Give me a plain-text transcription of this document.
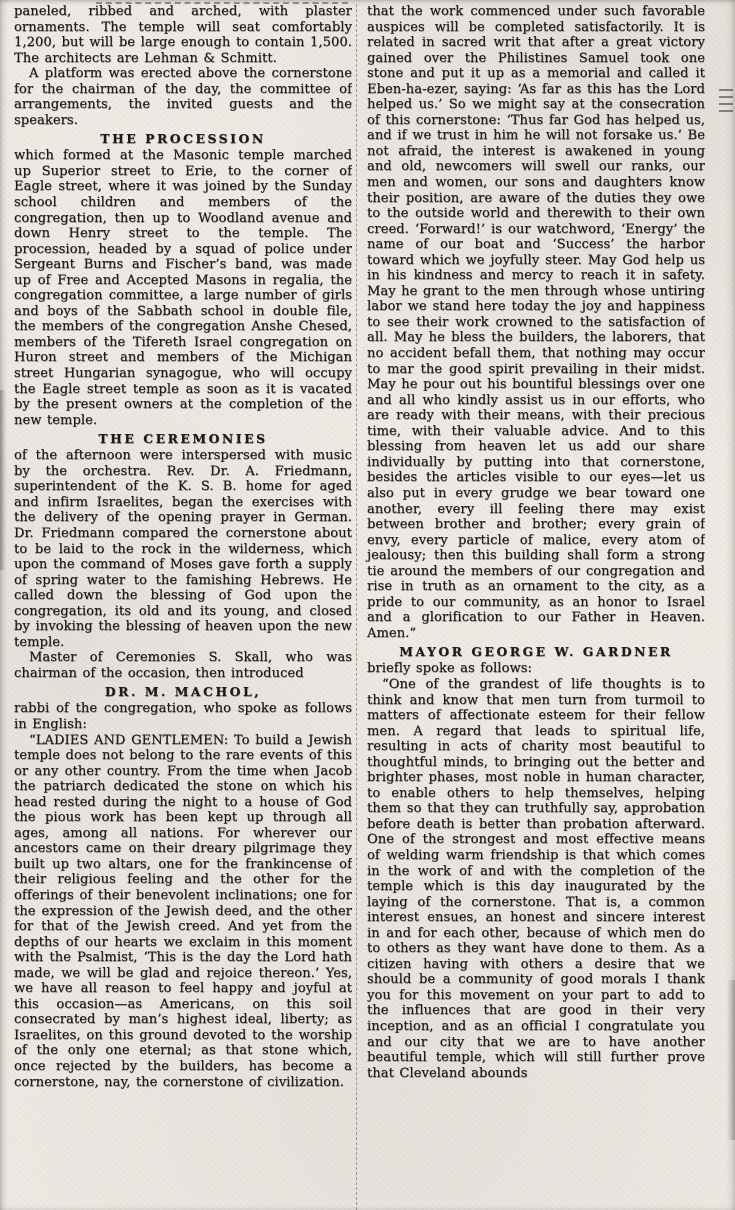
paneled, ribbed and arched, with plaster ornaments. The temple will seat comfortably 1,200, but will be large enough to contain 1,500. The architects are Lehman & Schmitt.

A platform was erected above the cornerstone for the chairman of the day, the committee of arrangements, the invited guests and the speakers.

THE PROCESSION

which formed at the Masonic temple marched up Superior street to Erie, to the corner of Eagle street, where it was joined by the Sunday school children and members of the congregation, then up to Woodland avenue and down Henry street to the temple. The procession, headed by a squad of police under Sergeant Burns and Fischer’s band, was made up of Free and Accepted Masons in regalia, the congregation committee, a large number of girls and boys of the Sabbath school in double file, the members of the congregation Anshe Chesed, members of the Tifereth Israel congregation on Huron street and members of the Michigan street Hungarian synagogue, who will occupy the Eagle street temple as soon as it is vacated by the present owners at the completion of the new temple.

THE CEREMONIES

of the afternoon were interspersed with music by the orchestra. Rev. Dr. A. Friedmann, superintendent of the K. S. B. home for aged and infirm Israelites, began the exercises with the delivery of the opening prayer in German. Dr. Friedmann compared the cornerstone about to be laid to the rock in the wilderness, which upon the command of Moses gave forth a supply of spring water to the famishing Hebrews. He called down the blessing of God upon the congregation, its old and its young, and closed by invoking the blessing of heaven upon the new temple.

Master of Ceremonies S. Skall, who was chairman of the occasion, then introduced

DR. M. MACHOL,

rabbi of the congregation, who spoke as follows in English:

“LADIES AND GENTLEMEN: To build a Jewish temple does not belong to the rare events of this or any other country. From the time when Jacob the patriarch dedicated the stone on which his head rested during the night to a house of God the pious work has been kept up through all ages, among all nations. For wherever our ancestors came on their dreary pilgrimage they built up two altars, one for the frankincense of their religious feeling and the other for the offerings of their benevolent inclinations; one for the expression of the Jewish deed, and the other for that of the Jewish creed. And yet from the depths of our hearts we exclaim in this moment with the Psalmist, ‘This is the day the Lord hath made, we will be glad and rejoice thereon.’ Yes, we have all reason to feel happy and joyful at this occasion—as Americans, on this soil consecrated by man’s highest ideal, liberty; as Israelites, on this ground devoted to the worship of the only one eternal; as that stone which, once rejected by the builders, has become a cornerstone, nay, the cornerstone of civilization.

that the work commenced under such favorable auspices will be completed satisfactorily. It is related in sacred writ that after a great victory gained over the Philistines Samuel took one stone and put it up as a memorial and called it Eben-ha-ezer, saying: ‘As far as this has the Lord helped us.’ So we might say at the consecration of this cornerstone: ‘Thus far God has helped us, and if we trust in him he will not forsake us.’ Be not afraid, the interest is awakened in young and old, newcomers will swell our ranks, our men and women, our sons and daughters know their position, are aware of the duties they owe to the outside world and therewith to their own creed. ‘Forward!’ is our watchword, ‘Energy’ the name of our boat and ‘Success’ the harbor toward which we joyfully steer. May God help us in his kindness and mercy to reach it in safety. May he grant to the men through whose untiring labor we stand here today the joy and happiness to see their work crowned to the satisfaction of all. May he bless the builders, the laborers, that no accident befall them, that nothing may occur to mar the good spirit prevailing in their midst. May he pour out his bountiful blessings over one and all who kindly assist us in our efforts, who are ready with their means, with their precious time, with their valuable advice. And to this blessing from heaven let us add our share individually by putting into that cornerstone, besides the articles visible to our eyes—let us also put in every grudge we bear toward one another, every ill feeling there may exist between brother and brother; every grain of envy, every particle of malice, every atom of jealousy; then this building shall form a strong tie around the members of our congregation and rise in truth as an ornament to the city, as a pride to our community, as an honor to Israel and a glorification to our Father in Heaven. Amen.”

MAYOR GEORGE W. GARDNER

briefly spoke as follows:

“One of the grandest of life thoughts is to think and know that men turn from turmoil to matters of affectionate esteem for their fellow men. A regard that leads to spiritual life, resulting in acts of charity most beautiful to thoughtful minds, to bringing out the better and brighter phases, most noble in human character, to enable others to help themselves, helping them so that they can truthfully say, approbation before death is better than probation afterward. One of the strongest and most effective means of welding warm friendship is that which comes in the work of and with the completion of the temple which is this day inaugurated by the laying of the cornerstone. That is, a common interest ensues, an honest and sincere interest in and for each other, because of which men do to others as they want have done to them. As a citizen having with others a desire that we should be a community of good morals I thank you for this movement on your part to add to the influences that are good in their very inception, and as an official I congratulate you and our city that we are to have another beautiful temple, which will still further prove that Cleveland abounds
